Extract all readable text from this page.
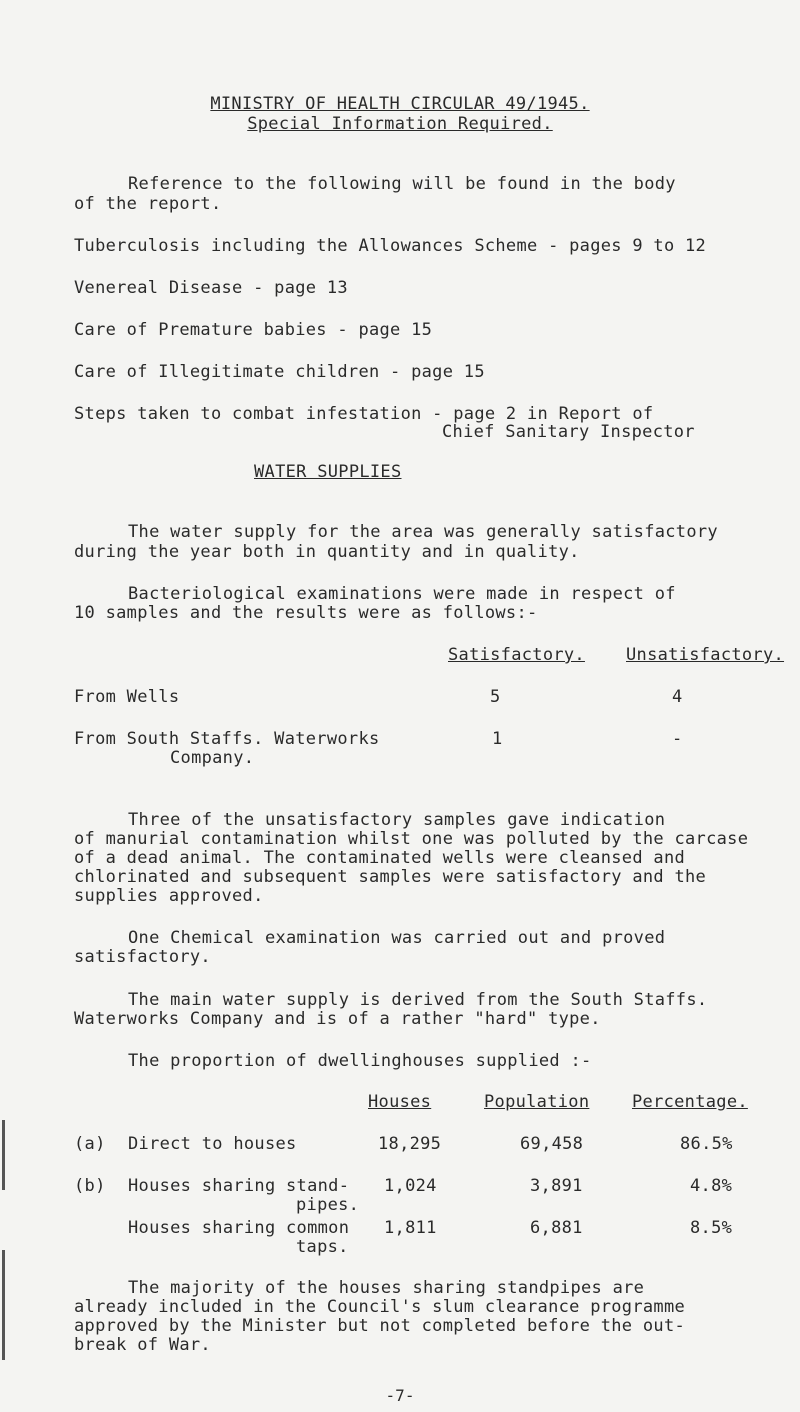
MINISTRY OF HEALTH CIRCULAR 49/1945.
Special Information Required.
Reference to the following will be found in the body
of the report.
Tuberculosis including the Allowances Scheme - pages 9 to 12
Venereal Disease - page 13
Care of Premature babies - page 15
Care of Illegitimate children - page 15
Steps taken to combat infestation - page 2 in Report of
Chief Sanitary Inspector
WATER SUPPLIES
The water supply for the area was generally satisfactory
during the year both in quantity and in quality.
Bacteriological examinations were made in respect of
10 samples and the results were as follows:-
Satisfactory. Unsatisfactory.
From Wells	5	4
From South Staffs. Waterworks
Company.
1	-
Three of the unsatisfactory samples gave indication
of manurial contamination whilst one was polluted by the carcase
of a dead animal. The contaminated wells were cleansed and
chlorinated and subsequent samples were satisfactory and the
supplies approved.
One Chemical examination was carried out and proved
satisfactory.
The main water supply is derived from the South Staffs.
Waterworks Company and is of a rather "hard" type.
The proportion of dwellinghouses supplied :-
Houses	Population	Percentage.
(a) Direct to houses	18,295	69,458	86.5%
(b) Houses sharing stand-
pipes.
1,024	3,891	4.8%
Houses sharing common
taps.
1,811	6,881	8.5%
The majority of the houses sharing standpipes are
already included in the Council's slum clearance programme
approved by the Minister but not completed before the out-
break of War.
-7-
